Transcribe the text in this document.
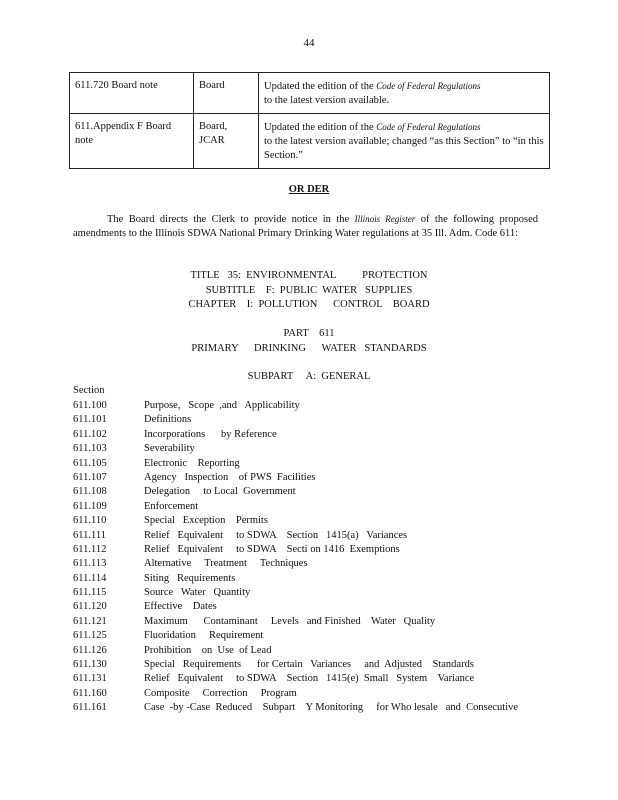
44
611.720 Board note	Board	Updated the edition of the Code of Federal Regulations
to the latest version available.
611.Appendix F Board note	Board, JCAR	Updated the edition of the Code of Federal Regulations
to the latest version available; changed “as this Section” to “in this Section.”
OR DER
The Board directs the Clerk to provide notice in the Illinois Register of the following proposed amendments to the Illinois SDWA National Primary Drinking Water regulations at 35 Ill. Adm. Code 611:
TITLE   35:  ENVIRONMENTAL          PROTECTION
SUBTITLE    F:  PUBLIC  WATER   SUPPLIES
CHAPTER    I:  POLLUTION      CONTROL    BOARD
PART    611
PRIMARY      DRINKING      WATER   STANDARDS
SUBPART     A:  GENERAL
Section
611.100	Purpose,   Scope  ,and   Applicability
611.101	Definitions
611.102	Incorporations      by Reference
611.103	Severability
611.105	Electronic    Reporting
611.107	Agency   Inspection    of PWS  Facilities
611.108	Delegation     to Local  Government
611.109	Enforcement
611.110	Special   Exception    Permits
611.111	Relief   Equivalent     to SDWA    Section   1415(a)   Variances
611.112	Relief   Equivalent     to SDWA    Secti on 1416  Exemptions
611.113	Alternative     Treatment     Techniques
611.114	Siting   Requirements
611.115	Source   Water   Quantity
611.120	Effective    Dates
611.121	Maximum      Contaminant     Levels   and Finished    Water   Quality
611.125	Fluoridation     Requirement
611.126	Prohibition    on  Use  of Lead
611.130	Special   Requirements      for Certain   Variances     and  Adjusted    Standards
611.131	Relief   Equivalent     to SDWA    Section   1415(e)  Small   System    Variance
611.160	Composite     Correction     Program
611.161	Case  -by -Case  Reduced    Subpart    Y Monitoring     for Who lesale   and  Consecutive
